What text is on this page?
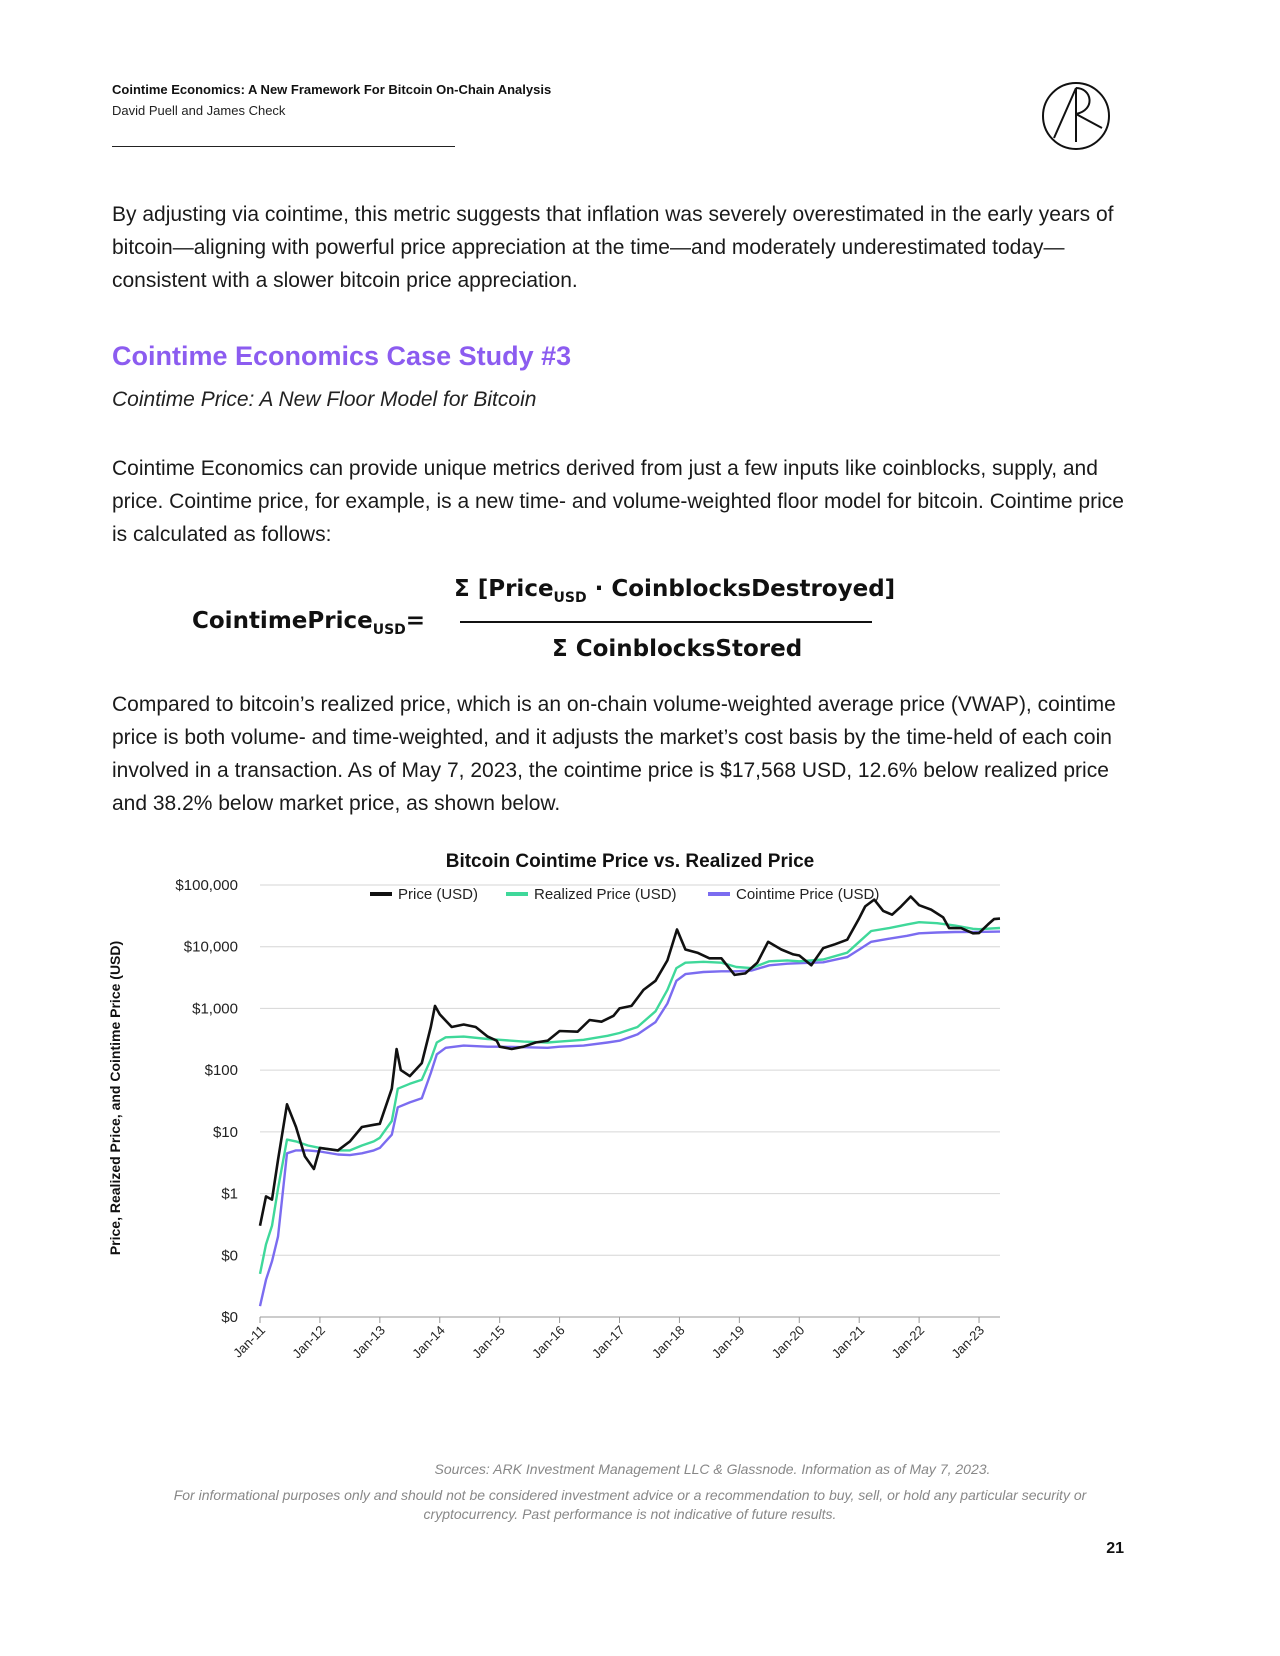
Cointime Economics: A New Framework For Bitcoin On-Chain Analysis
David Puell and James Check

By adjusting via cointime, this metric suggests that inflation was severely overestimated in the early years of bitcoin—aligning with powerful price appreciation at the time—and moderately underestimated today—consistent with a slower bitcoin price appreciation.

Cointime Economics Case Study #3
Cointime Price: A New Floor Model for Bitcoin

Cointime Economics can provide unique metrics derived from just a few inputs like coinblocks, supply, and price. Cointime price, for example, is a new time- and volume-weighted floor model for bitcoin. Cointime price is calculated as follows:

CointimePrice$_{USD}$=
Σ [Price$_{USD}$ · CoinblocksDestroyed]
Σ CoinblocksStored

Compared to bitcoin’s realized price, which is an on-chain volume-weighted average price (VWAP), cointime price is both volume- and time-weighted, and it adjusts the market’s cost basis by the time-held of each coin involved in a transaction. As of May 7, 2023, the cointime price is $17,568 USD, 12.6% below realized price and 38.2% below market price, as shown below.

Bitcoin Cointime Price vs. Realized Price
Price (USD)	Realized Price (USD)	Cointime Price (USD)
$100,000
$10,000
$1,000
$100
$10
$1
$0
$0
Jan-11 Jan-12 Jan-13 Jan-14 Jan-15 Jan-16 Jan-17 Jan-18 Jan-19 Jan-20 Jan-21 Jan-22 Jan-23
Price, Realized Price, and Cointime Price (USD)
Sources: ARK Investment Management LLC & Glassnode. Information as of May 7, 2023.
For informational purposes only and should not be considered investment advice or a recommendation to buy, sell, or hold any particular security or cryptocurrency. Past performance is not indicative of future results.
21
